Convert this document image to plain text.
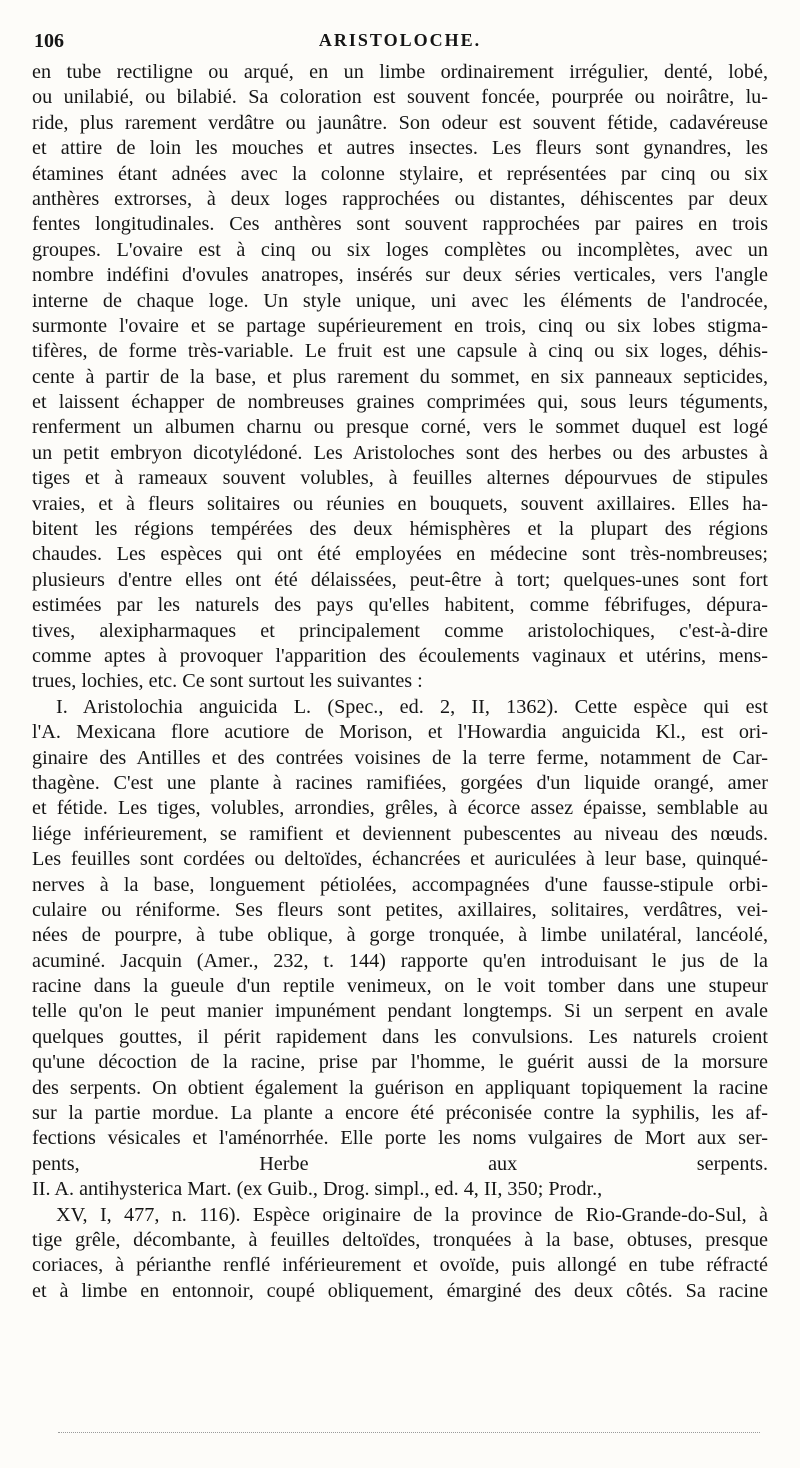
106	ARISTOLOCHE.
en tube rectiligne ou arqué, en un limbe ordinairement irrégulier, denté, lobé,
ou unilabié, ou bilabié. Sa coloration est souvent foncée, pourprée ou noirâtre, lu-
ride, plus rarement verdâtre ou jaunâtre. Son odeur est souvent fétide, cadavéreuse
et attire de loin les mouches et autres insectes. Les fleurs sont gynandres, les
étamines étant adnées avec la colonne stylaire, et représentées par cinq ou six
anthères extrorses, à deux loges rapprochées ou distantes, déhiscentes par deux
fentes longitudinales. Ces anthères sont souvent rapprochées par paires en trois
groupes. L'ovaire est à cinq ou six loges complètes ou incomplètes, avec un
nombre indéfini d'ovules anatropes, insérés sur deux séries verticales, vers l'angle
interne de chaque loge. Un style unique, uni avec les éléments de l'androcée,
surmonte l'ovaire et se partage supérieurement en trois, cinq ou six lobes stigma-
tifères, de forme très-variable. Le fruit est une capsule à cinq ou six loges, déhis-
cente à partir de la base, et plus rarement du sommet, en six panneaux septicides,
et laissent échapper de nombreuses graines comprimées qui, sous leurs téguments,
renferment un albumen charnu ou presque corné, vers le sommet duquel est logé
un petit embryon dicotylédoné. Les Aristoloches sont des herbes ou des arbustes à
tiges et à rameaux souvent volubles, à feuilles alternes dépourvues de stipules
vraies, et à fleurs solitaires ou réunies en bouquets, souvent axillaires. Elles ha-
bitent les régions tempérées des deux hémisphères et la plupart des régions
chaudes. Les espèces qui ont été employées en médecine sont très-nombreuses;
plusieurs d'entre elles ont été délaissées, peut-être à tort; quelques-unes sont fort
estimées par les naturels des pays qu'elles habitent, comme fébrifuges, dépura-
tives, alexipharmaques et principalement comme aristolochiques, c'est-à-dire
comme aptes à provoquer l'apparition des écoulements vaginaux et utérins, mens-
trues, lochies, etc. Ce sont surtout les suivantes :
I. Aristolochia anguicida L. (Spec., ed. 2, II, 1362). Cette espèce qui est
l'A. Mexicana flore acutiore de Morison, et l'Howardia anguicida Kl., est ori-
ginaire des Antilles et des contrées voisines de la terre ferme, notamment de Car-
thagène. C'est une plante à racines ramifiées, gorgées d'un liquide orangé, amer
et fétide. Les tiges, volubles, arrondies, grêles, à écorce assez épaisse, semblable au
liége inférieurement, se ramifient et deviennent pubescentes au niveau des nœuds.
Les feuilles sont cordées ou deltoïdes, échancrées et auriculées à leur base, quinqué-
nerves à la base, longuement pétiolées, accompagnées d'une fausse-stipule orbi-
culaire ou réniforme. Ses fleurs sont petites, axillaires, solitaires, verdâtres, vei-
nées de pourpre, à tube oblique, à gorge tronquée, à limbe unilatéral, lancéolé,
acuminé. Jacquin (Amer., 232, t. 144) rapporte qu'en introduisant le jus de la
racine dans la gueule d'un reptile venimeux, on le voit tomber dans une stupeur
telle qu'on le peut manier impunément pendant longtemps. Si un serpent en avale
quelques gouttes, il périt rapidement dans les convulsions. Les naturels croient
qu'une décoction de la racine, prise par l'homme, le guérit aussi de la morsure
des serpents. On obtient également la guérison en appliquant topiquement la racine
sur la partie mordue. La plante a encore été préconisée contre la syphilis, les af-
fections vésicales et l'aménorrhée. Elle porte les noms vulgaires de Mort aux ser-
pents, Herbe aux serpents.
II. A. antihysterica Mart. (ex Guib., Drog. simpl., ed. 4, II, 350; Prodr.,
XV, I, 477, n. 116). Espèce originaire de la province de Rio-Grande-do-Sul, à
tige grêle, décombante, à feuilles deltoïdes, tronquées à la base, obtuses, presque
coriaces, à périanthe renflé inférieurement et ovoïde, puis allongé en tube réfracté
et à limbe en entonnoir, coupé obliquement, émarginé des deux côtés. Sa racine
